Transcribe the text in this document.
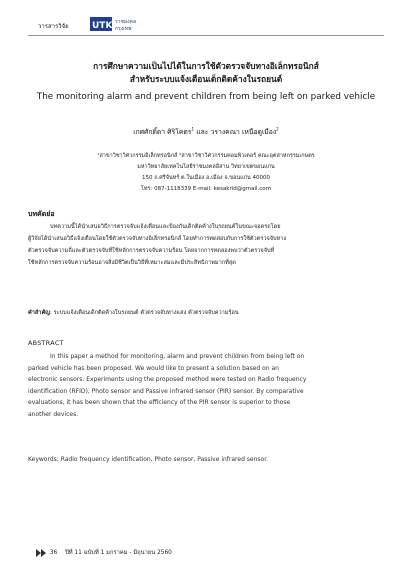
วารสารวิจัย	UTK ราชมงคล
กรุงเทพ
การศึกษาความเป็นไปได้ในการใช้ตัวตรวจจับทางอิเล็กทรอนิกส์
สำหรับระบบแจ้งเตือนเด็กติดค้างในรถยนต์
The monitoring alarm and prevent children from being left on parked vehicle
เกศศักดิ์ดา ศิริโคตร$^1$ และ วรางคณา เหนือดูเมือง$^2$
¹สาขาวิชาวิศวกรรมอิเล็กทรอนิกส์ ²สาขาวิชาวิศวกรรมคอมพิวเตอร์ คณะอุตสาหกรรมเกษตร
มหาวิทยาลัยเทคโนโลยีราชมงคลอีสาน วิทยาเขตขอนแก่น
150 ถ.ศรีจันทร์ ต.ในเมือง อ.เมือง จ.ขอนแก่น 40000
โทร: 087-1118339 E-mail: kesakrid@gmail.com
บทคัดย่อ
บทความนี้ได้นำเสนอวิธีการตรวจจับแจ้งเตือนและป้องกันเด็กติดค้างในรถยนต์ในขณะจอดรถโดย
ผู้วิจัยได้นำเสนอวิธีแจ้งเตือนโดยใช้ตัวตรวจจับทางอิเล็กทรอนิกส์ โดยทำการทดสอบกับการใช้ตัวตรวจจับทาง
ตัวตรวจจับความถี่และตัวตรวจจับที่ใช้หลักการตรวจจับความร้อน โดยจากการทดลองพบว่าตัวตรวจจับที่
ใช้หลักการตรวจจับความร้อนอาจสิ่งมีชีวิตเป็นวิธีที่เหมาะสมและมีประสิทธิภาพมากที่สุด
คำสำคัญ: ระบบแจ้งเตือนเด็กติดค้างในรถยนต์ ตัวตรวจจับทางแสง ตัวตรวจจับความร้อน
ABSTRACT
In this paper a method for monitoring, alarm and prevent children from being left on
parked vehicle has been proposed. We would like to present a solution based on an
electronic sensors. Experiments using the proposed method were tested on Radio frequency
identification (RFID), Photo sensor and Passive infrared sensor (PIR) sensor. By comparative
evaluations, it has been shown that the efficiency of the PIR sensor is superior to those
another devices.
Keywords: Radio frequency identification, Photo sensor, Passive infrared sensor.
36 ปีที่ 11 ฉบับที่ 1 มกราคม - มิถุนายน 2560
